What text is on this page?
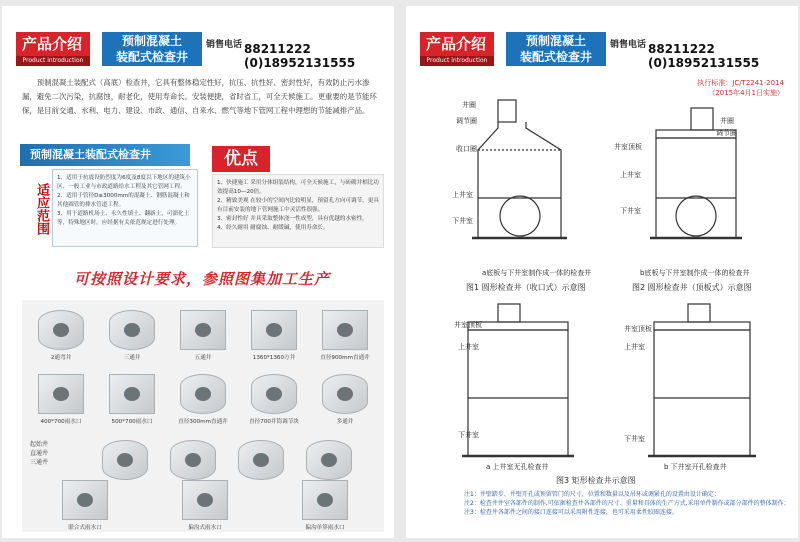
产品介绍
Product introduction
预制混凝土
装配式检查井
销售电话 88211222 (0)18952131555

预制混凝土装配式（高底）检查井，它具有整体稳定性好，抗压、抗性好、密封性好，有效防止污水渗漏，避免二次污染，抗腐蚀，耐老化，使用寿命长。安装便捷，省时省工，可全天候施工。更重要的是节能环保，是目前交通、水利、电力、建设、市政、通信、自来水、燃气等地下管网工程中理想的节能减排产品。

预制混凝土装配式检查井
适应范围

1、适用于抗震设防烈度为6度及8度以下地区的建筑小区、一般工业与市政道路给水工程及其它管网工程。

2、适用于管径D≤3000mm的混凝土、钢筋混凝土和其他圆管的排水管道工程。

3、用于道路机场土、永久性填土、翻新土，可溜化土等，特殊地区时，应经据有关依范规定进行处理。

优点

1、快捷施工 采用分体组装结构，可全天候施工，与砖砌井相比功效提高10—20倍。

2、精致美观 在较小的空间内比较明显，预留孔方向可调节，更具有目前安装的地下管网施工中灵活性很强。

3、密封性好 并具采取整体浇一性成型，具有优越的水密性。

4、经久耐用 耐腐蚀、耐缓碱，使用寿命长。

可按照设计要求，参照图集加工生产
起始井
直通井
三通井
2通弯井	三通井	五通井	1360*1360方井	直径900mm直通井
400*700雨水口	500*700雨水口	直径300mm直通井	直径700井筒调节块	多通井
联合式雨水口	偏沟式雨水口	偏沟单箅雨水口
产品介绍
Product introduction
预制混凝土
装配式检查井
销售电话 88211222 (0)18952131555
执行标准：JC/T2241-2014
（2015年4月1日实施）
井圈
调节圈
收口圈
上井室
下井室
井圈
调节圈
井室顶板
上井室
下井室
a底板与下井室制作成一体的检查井	b底板与下井室制作成一体的检查井
图1 圆形检查井（收口式）示意图	图2 圆形检查井（顶板式）示意图
井室顶板
上井室
下井室
井室顶板
上井室
下井室
a 上井室无孔检查井	b 下井室开孔检查井
图3 矩形检查井示意图

注1：井壁踏步、井壁开孔或预留管门的尺寸，位置和数量以及吊环或调紧孔的设置由设计确定；

注2：检查井井室各部件的制作,可依据检查井各部件的尺寸、重量和具体的生产方式,采用单件制作或部分部件的整体制作；

注3：检查井各部件之间的接口连接可以采用附性连接，也可采用柔性胶圈连接。
